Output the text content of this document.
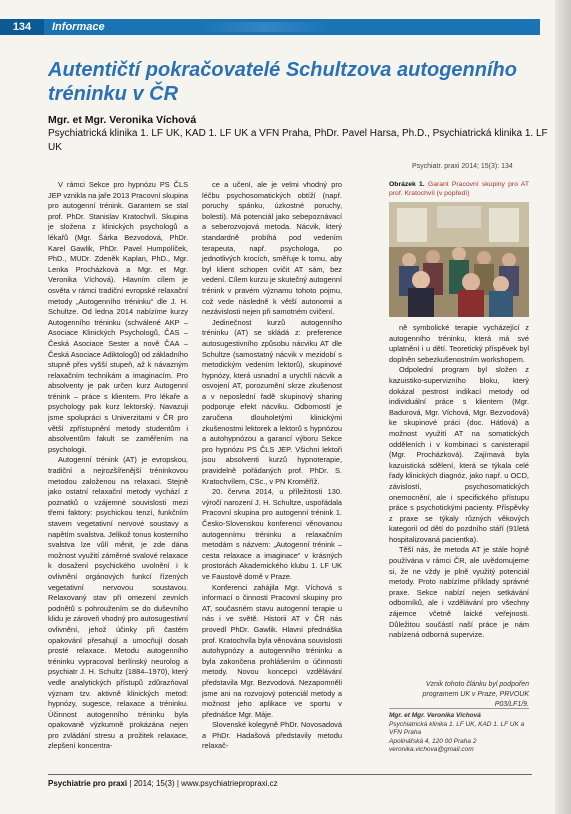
134	Informace
Autentičtí pokračovatelé Schultzova autogenního tréninku v ČR
Mgr. et Mgr. Veronika Víchová
Psychiatrická klinika 1. LF UK, KAD 1. LF UK a VFN Praha, PhDr. Pavel Harsa, Ph.D., Psychiatrická klinika 1. LF UK
Psychiatr. praxi 2014; 15(3): 134

V rámci Sekce pro hypnózu PS ČLS JEP vznikla na jaře 2013 Pracovní skupina pro autogenní trénink. Garantem se stal prof. PhDr. Stanislav Kratochvíl. Skupina je složena z klinických psychologů a lékařů (Mgr. Šárka Bezvodová, PhDr. Karel Gawlik, PhDr. Pavel Humpolíček, PhD., MUDr. Zdeněk Kaplan, PhD., Mgr. Lenka Procházková a Mgr. et Mgr. Veronika Víchová). Hlavním cílem je osvěta v rámci tradiční evropské relaxační metody „Autogenního tréninku“ dle J. H. Schultze. Od ledna 2014 nabízíme kurzy Autogenního tréninku (schválené AKP – Asociace Klinických Psychologů, ČAS – Česká Asociace Sester a nově ČAA – Česká Asociace Adiktologů) od základního stupně přes vyšší stupeň, až k návazným relaxačním technikám a imaginacím. Pro absolventy je pak určen kurz Autogenní trénink – práce s klientem. Pro lékaře a psychology pak kurz lektorský. Navazuji jsme spolupráci s Univerzitami v ČR pro větší zpřístupnění metody studentům i absolventům fakult se zaměřením na psychologii.

Autogenní trénink (AT) je evropskou, tradiční a nejrozšířenější tréninkovou metodou založenou na relaxaci. Stejně jako ostatní relaxační metody vychází z poznatků o vzájemné souvislosti mezi třemi faktory: psychickou tenzí, funkčním stavem vegetativní nervové soustavy a napětím svalstva. Jelikož tonus kosterního svalstva lze vůlí měnit, je zde dána možnost využití záměrné svalové relaxace k dosažení psychického uvolnění i k ovlivnění orgánových funkcí řízených vegetativní nervovou soustavou. Relaxovaný stav při omezení zevních podnětů s pohroužením se do duševního klidu je zároveň vhodný pro autosugestivní ovlivnění, jehož účinky při častém opakování přesahují a umocňují dosah prosté relaxace. Metodu autogenního tréninku vypracoval berlínský neurolog a psychiatr J. H. Schultz (1884–1970), který vedle analytických přístupů zdůrazňoval význam tzv. aktivně klinických metod: hypnózy, sugesce, relaxace a tréninku. Účinnost autogenního tréninku byla opakovaně výzkumně prokázána nejen pro zvládání stresu a prožitek relaxace, zlepšení koncentra-

ce a učení, ale je velmi vhodný pro léčbu psychosomatických obtíží (např. poruchy spánku, úzkostné poruchy, bolesti). Má potenciál jako sebepoznávací a seberozvojová metoda. Nácvik, který standardně probíhá pod vedením terapeuta, např. psychologa, po jednotlivých krocích, směřuje k tomu, aby byl klient schopen cvičit AT sám, bez vedení. Cílem kurzu je skutečný autogenní trénink v pravém významu tohoto pojmu, což vede následně k větší autonomii a nezávislosti nejen při samotném cvičení.

Jedinečnost kurzů autogenního tréninku (AT) se skládá z: preference autosugestivního způsobu nácviku AT dle Schultze (samostatný nácvik v mezidobí s metodickým vedením lektorů), skupinové hypnózy, která usnadní a urychlí nácvik a osvojení AT, porozumění skrze zkušenost a v neposlední řadě skupinový sharing podporuje efekt nácviku. Odborností je zaručena dlouholetými klinickými zkušenostmi lektorek a lektorů s hypnózou a autohypnózou a garancí výboru Sekce pro hypnózu PS ČLS JEP. Všichni lektoři jsou absolventi kurzů hypnoterapie, pravidelně pořádaných prof. PhDr. S. Kratochvílem, CSc., v PN Kroměříž.

20. června 2014, u příležitosti 130. výročí narození J. H. Schultze, uspořádala Pracovní skupina pro autogenní trénink 1. Česko-Slovenskou konferenci věnovanou autogennímu tréninku a relaxačním metodám s názvem: „Autogenní trénink – cesta relaxace a imaginace“ v krásných prostorách Akademického klubu 1. LF UK ve Faustově domě v Praze.

Konferenci zahájila Mgr. Víchová s informací o činnosti Pracovní skupiny pro AT, současném stavu autogenní terapie u nás i ve světě. Historii AT v ČR nás provedl PhDr. Gawlik. Hlavní přednáška prof. Kratochvíla byla věnována souvislosti autohypnózy a autogenního tréninku a byla zakončena prohlášením o účinnosti metody. Novou koncepci vzdělávání představila Mgr. Bezvodová. Nezapomněli jsme ani na rozvojový potenciál metody a možnost jeho aplikace ve sportu v přednášce Mgr. Máje.

Slovenské kolegyně PhDr. Novosadová a PhDr. Hadašová představily metodu relaxač-

Obrázek 1. Garant Pracovní skupiny pro AT prof. Kratochvíl (v popředí)

ně symbolické terapie vycházející z autogenního tréninku, která má své uplatnění i u dětí. Teoretický příspěvek byl doplněn sebezkušenostním workshopem.

Odpolední program byl složen z kazuistiko-supervizního bloku, který dokázal pestrost indikací metody od individuální práce s klientem (Mgr. Badurová, Mgr. Víchová, Mgr. Bezvodová) ke skupinové práci (doc. Hátlová) a možnost využití AT na somatických odděleních i v kombinaci s canisterapií (Mgr. Procházková). Zajímavá byla kazuistická sdělení, která se týkala celé řady klinických diagnóz, jako např. u OCD, závislostí, psychosomatických onemocnění, ale i specifického přístupu práce s psychotickými pacienty. Příspěvky z praxe se týkaly různých věkových kategorií od dětí do pozdního stáří (91letá hospitalizovaná pacientka).

Těší nás, že metoda AT je stále hojně používána v rámci ČR, ale uvědomujeme si, že ne vždy je plně využitý potenciál metody. Proto nabízíme příklady správné praxe. Sekce nabízí nejen setkávání odborníků, ale i vzdělávání pro všechny zájemce včetně laické veřejnosti. Důležitou součástí naší práce je nám nabízená odborná supervize.

Vznik tohoto článku byl podpořen programem UK v Praze, PRVOUK P03/LF1/9.
Mgr. et Mgr. Veronika Víchová
Psychiatrická klinika 1. LF UK, KAD 1. LF UK a VFN Praha
Apolinářská 4, 120 00 Praha 2
veronika.vichova@gmail.com
Psychiatrie pro praxi | 2014; 15(3) | www.psychiatriepropraxi.cz
